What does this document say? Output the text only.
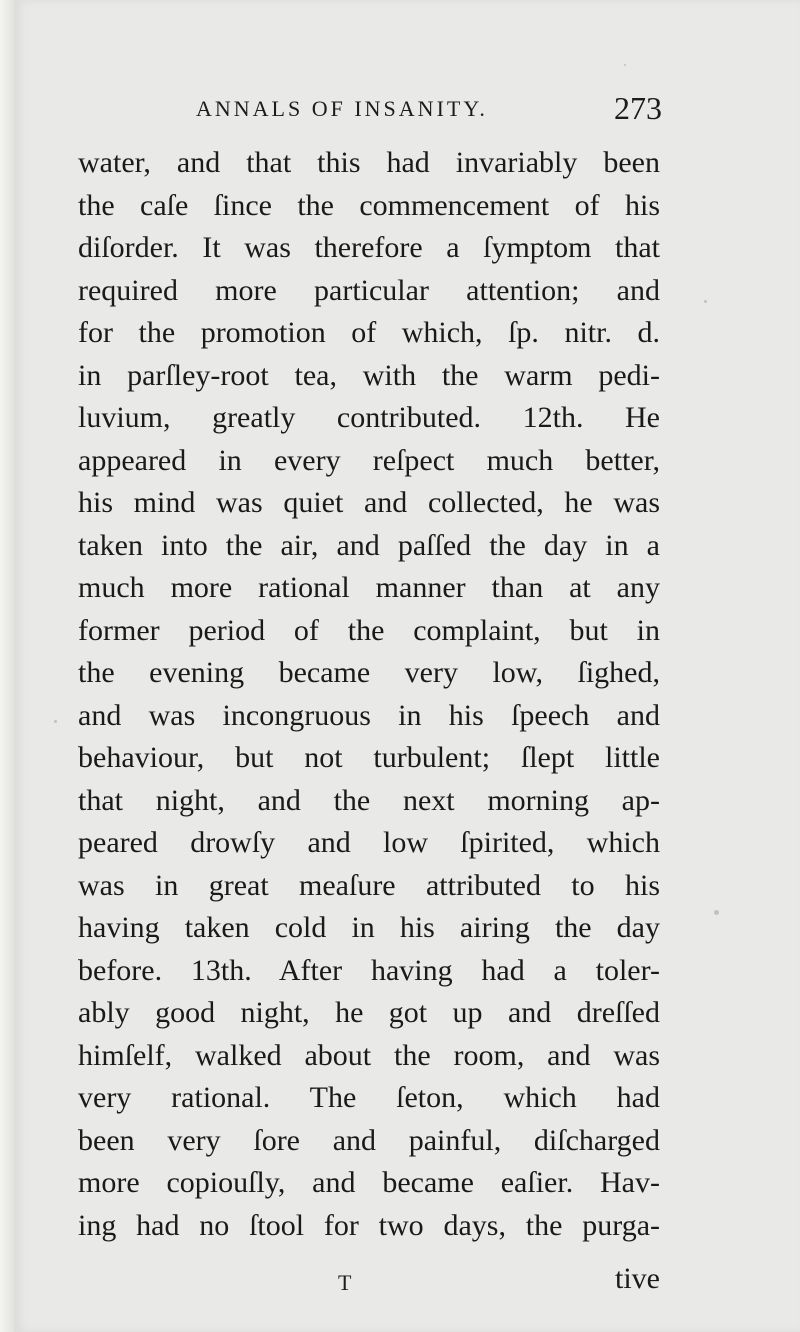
ANNALS OF INSANITY.	273
water, and that this had invariably been
the caſe ſince the commencement of his
diſorder. It was therefore a ſymptom that
required more particular attention; and
for the promotion of which, ſp. nitr. d.
in parſley-root tea, with the warm pedi-
luvium, greatly contributed. 12th. He
appeared in every reſpect much better,
his mind was quiet and collected, he was
taken into the air, and paſſed the day in a
much more rational manner than at any
former period of the complaint, but in
the evening became very low, ſighed,
and was incongruous in his ſpeech and
behaviour, but not turbulent; ſlept little
that night, and the next morning ap-
peared drowſy and low ſpirited, which
was in great meaſure attributed to his
having taken cold in his airing the day
before. 13th. After having had a toler-
ably good night, he got up and dreſſed
himſelf, walked about the room, and was
very rational. The ſeton, which had
been very ſore and painful, diſcharged
more copiouſly, and became eaſier. Hav-
ing had no ſtool for two days, the purga-
T	tive
